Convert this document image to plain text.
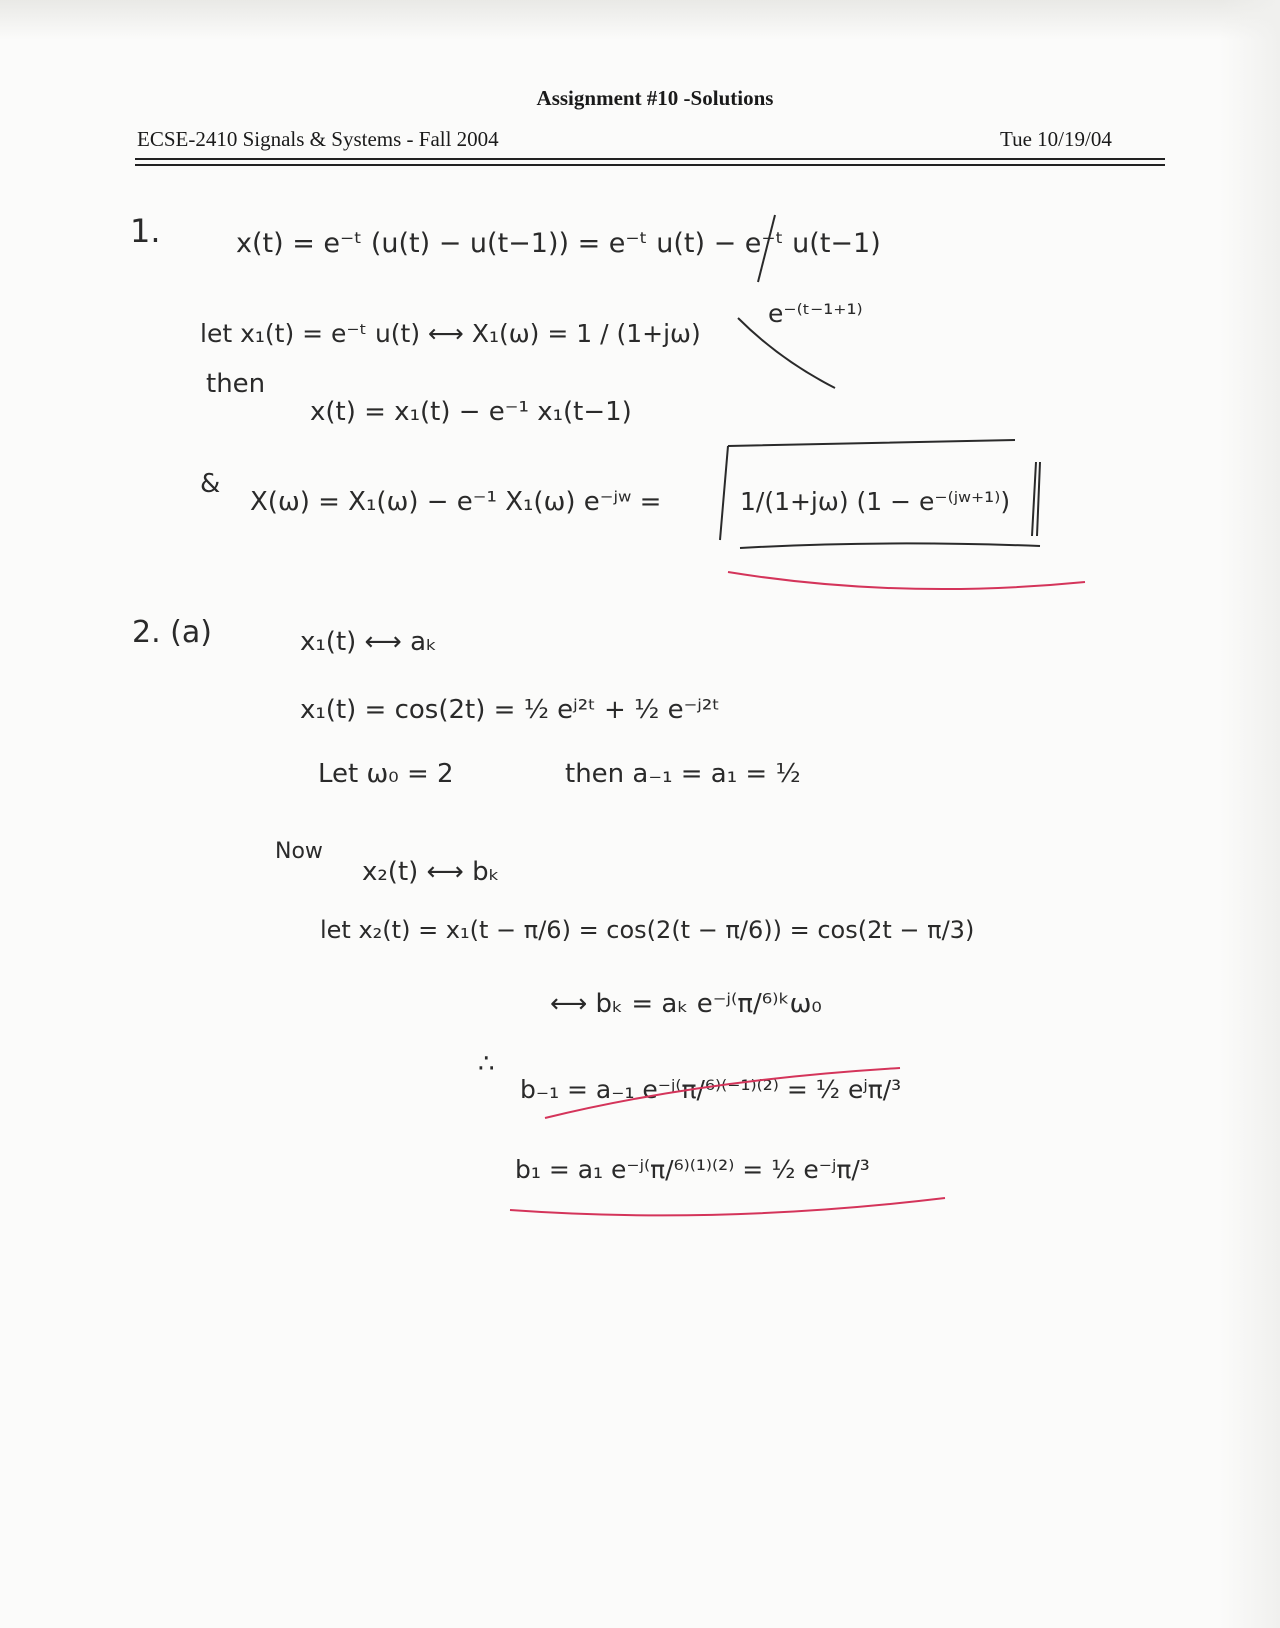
Assignment #10 -Solutions
ECSE-2410 Signals & Systems - Fall 2004	Tue 10/19/04
1.	x(t) = e⁻ᵗ (u(t) − u(t−1)) = e⁻ᵗ u(t) − e⁻ᵗ u(t−1)
e⁻⁽ᵗ⁻¹⁺¹⁾
let x₁(t) = e⁻ᵗ u(t) ⟷ X₁(ω) = 1 / (1+jω)
then
x(t) = x₁(t) − e⁻¹ x₁(t−1)
&
X(ω) = X₁(ω) − e⁻¹ X₁(ω) e⁻ʲʷ =	1/(1+jω) (1 − e⁻⁽ʲʷ⁺¹⁾)
2. (a)	x₁(t) ⟷ aₖ
x₁(t) = cos(2t) = ½ eʲ²ᵗ + ½ e⁻ʲ²ᵗ
Let ω₀ = 2	then a₋₁ = a₁ = ½
Now
x₂(t) ⟷ bₖ
let x₂(t) = x₁(t − π/6) = cos(2(t − π/6)) = cos(2t − π/3)
⟷ bₖ = aₖ e⁻ʲ⁽π/⁶⁾ᵏω₀
∴
b₋₁ = a₋₁ e⁻ʲ⁽π/⁶⁾⁽⁻¹⁾⁽²⁾ = ½ eʲπ/³
b₁ = a₁ e⁻ʲ⁽π/⁶⁾⁽¹⁾⁽²⁾ = ½ e⁻ʲπ/³
